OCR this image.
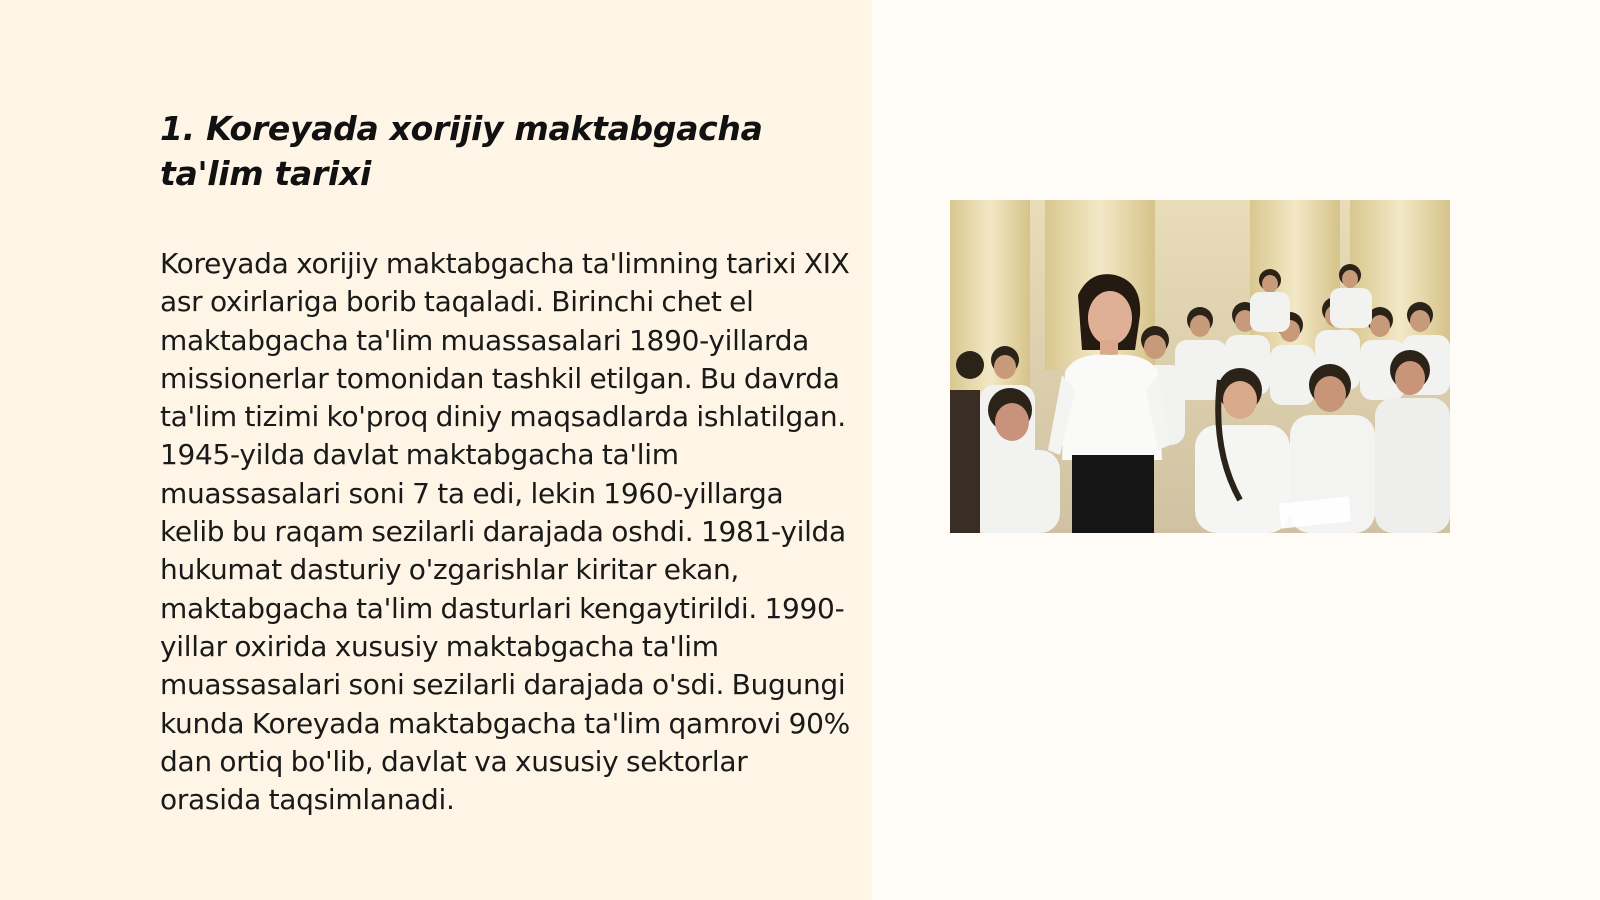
1. Koreyada xorijiy maktabgacha ta'lim tarixi

Koreyada xorijiy maktabgacha ta'limning tarixi XIX asr oxirlariga borib taqaladi. Birinchi chet el maktabgacha ta'lim muassasalari 1890-yillarda missionerlar tomonidan tashkil etilgan. Bu davrda ta'lim tizimi ko'proq diniy maqsadlarda ishlatilgan. 1945-yilda davlat maktabgacha ta'lim muassasalari soni 7 ta edi, lekin 1960-yillarga kelib bu raqam sezilarli darajada oshdi. 1981-yilda hukumat dasturiy o'zgarishlar kiritar ekan, maktabgacha ta'lim dasturlari kengaytirildi. 1990-yillar oxirida xususiy maktabgacha ta'lim muassasalari soni sezilarli darajada o'sdi. Bugungi kunda Koreyada maktabgacha ta'lim qamrovi 90% dan ortiq bo'lib, davlat va xususiy sektorlar orasida taqsimlanadi.
